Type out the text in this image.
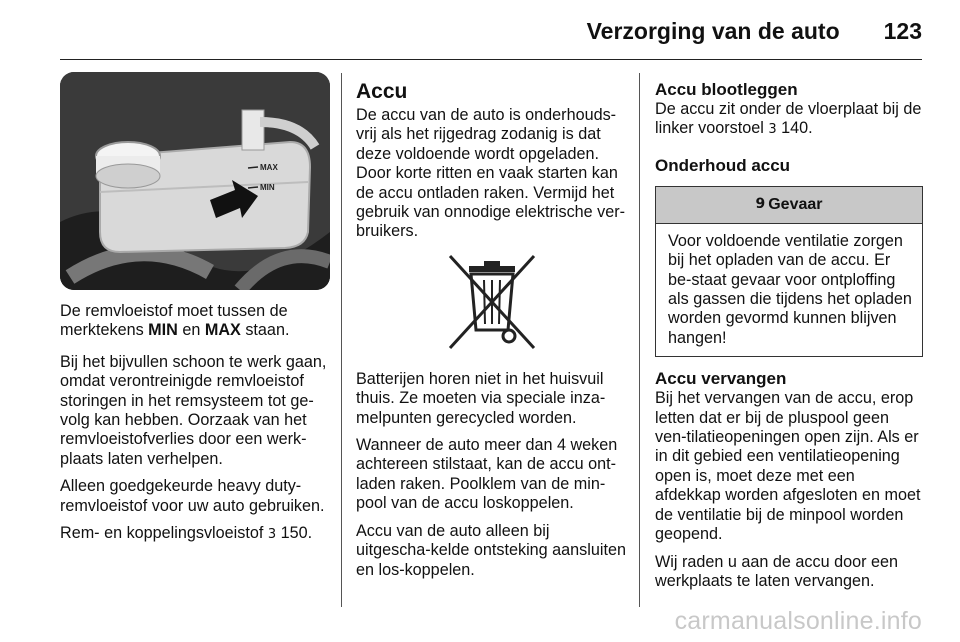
Verzorging van de auto 123
MAX
MIN

De remvloeistof moet tussen de merktekens MIN en MAX staan.

Bij het bijvullen schoon te werk gaan, omdat verontreinigde remvloeistof storingen in het remsysteem tot ge-volg kan hebben. Oorzaak van het remvloeistofverlies door een werk-plaats laten verhelpen.

Alleen goedgekeurde heavy duty-remvloeistof voor uw auto gebruiken.

Rem- en koppelingsvloeistof 3 150.

Accu

De accu van de auto is onderhouds-vrij als het rijgedrag zodanig is dat deze voldoende wordt opgeladen. Door korte ritten en vaak starten kan de accu ontladen raken. Vermijd het gebruik van onnodige elektrische ver-bruikers.

Batterijen horen niet in het huisvuil thuis. Ze moeten via speciale inza-melpunten gerecycled worden.

Wanneer de auto meer dan 4 weken achtereen stilstaat, kan de accu ont-laden raken. Poolklem van de min-pool van de accu loskoppelen.

Accu van de auto alleen bij uitgescha-kelde ontsteking aansluiten en los-koppelen.

Accu blootleggen

De accu zit onder de vloerplaat bij de linker voorstoel 3 140.

Onderhoud accu
9 Gevaar
Voor voldoende ventilatie zorgen bij het opladen van de accu. Er be-staat gevaar voor ontploffing als gassen die tijdens het opladen worden gevormd kunnen blijven hangen!
Accu vervangen

Bij het vervangen van de accu, erop letten dat er bij de pluspool geen ven-tilatieopeningen open zijn. Als er in dit gebied een ventilatieopening open is, moet deze met een afdekkap worden afgesloten en moet de ventilatie bij de minpool worden geopend.

Wij raden u aan de accu door een werkplaats te laten vervangen.

carmanualsonline.info
